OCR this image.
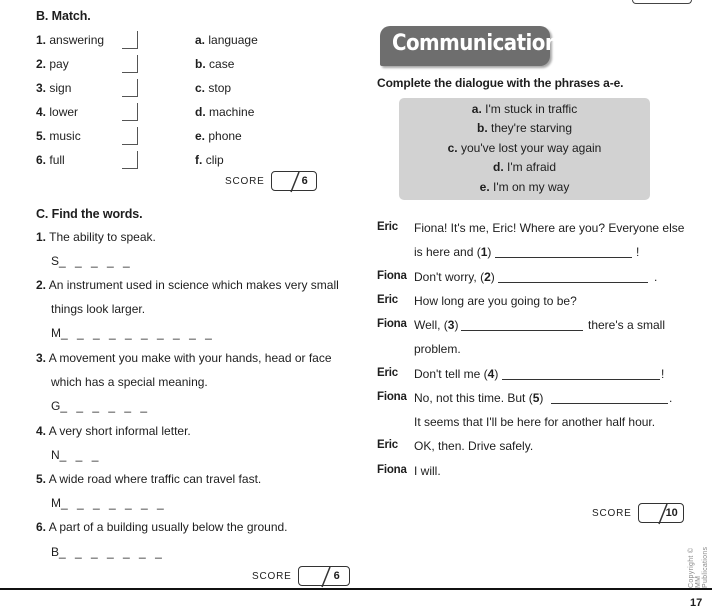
B. Match.
1. answering
2. pay
3. sign
4. lower
5. music
6. full
a. language
b. case
c. stop
d. machine
e. phone
f. clip
SCORE	6
C. Find the words.
1. The ability to speak.
S_ _ _ _ _
2. An instrument used in science which makes very small
things look larger.
M_ _ _ _ _ _ _ _ _ _
3. A movement you make with your hands, head or face
which has a special meaning.
G_ _ _ _ _ _
4. A very short informal letter.
N_ _ _
5. A wide road where traffic can travel fast.
M_ _ _ _ _ _ _
6. A part of a building usually below the ground.
B_ _ _ _ _ _ _
SCORE	6
Communication
Complete the dialogue with the phrases a-e.
a. I'm stuck in traffic
b. they're starving
c. you've lost your way again
d. I'm afraid
e. I'm on my way
Eric Fiona! It's me, Eric! Where are you? Everyone else
is here and (1)	!
Fiona Don't worry, (2)	.
Eric How long are you going to be?
Fiona Well, (3)	there's a small
problem.
Eric Don't tell me (4)	!
Fiona No, not this time. But (5)	.
It seems that I'll be here for another half hour.
Eric OK, then. Drive safely.
Fiona I will.
SCORE	10
Copyright © MM Publications
17
